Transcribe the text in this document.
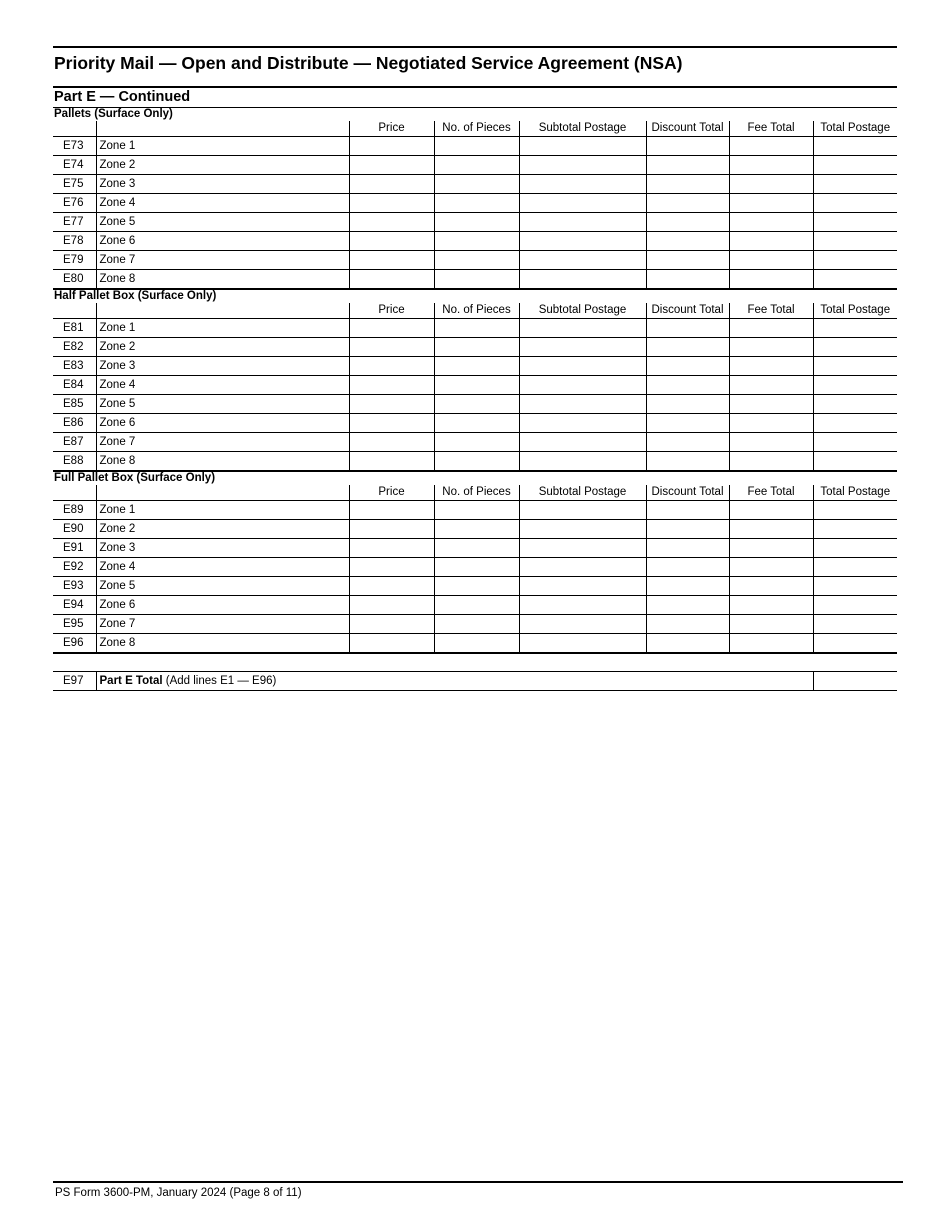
Priority Mail — Open and Distribute — Negotiated Service Agreement (NSA)
Part E — Continued
Pallets (Surface Only)
		Price	No. of Pieces	Subtotal Postage	Discount Total	Fee Total	Total Postage
E73	Zone 1						
E74	Zone 2						
E75	Zone 3						
E76	Zone 4						
E77	Zone 5						
E78	Zone 6						
E79	Zone 7						
E80	Zone 8						
Half Pallet Box (Surface Only)
		Price	No. of Pieces	Subtotal Postage	Discount Total	Fee Total	Total Postage
E81	Zone 1						
E82	Zone 2						
E83	Zone 3						
E84	Zone 4						
E85	Zone 5						
E86	Zone 6						
E87	Zone 7						
E88	Zone 8						
Full Pallet Box (Surface Only)
		Price	No. of Pieces	Subtotal Postage	Discount Total	Fee Total	Total Postage
E89	Zone 1						
E90	Zone 2						
E91	Zone 3						
E92	Zone 4						
E93	Zone 5						
E94	Zone 6						
E95	Zone 7						
E96	Zone 8						
E97	Part E Total (Add lines E1 — E96)	
PS Form 3600-PM, January 2024 (Page 8 of 11)
